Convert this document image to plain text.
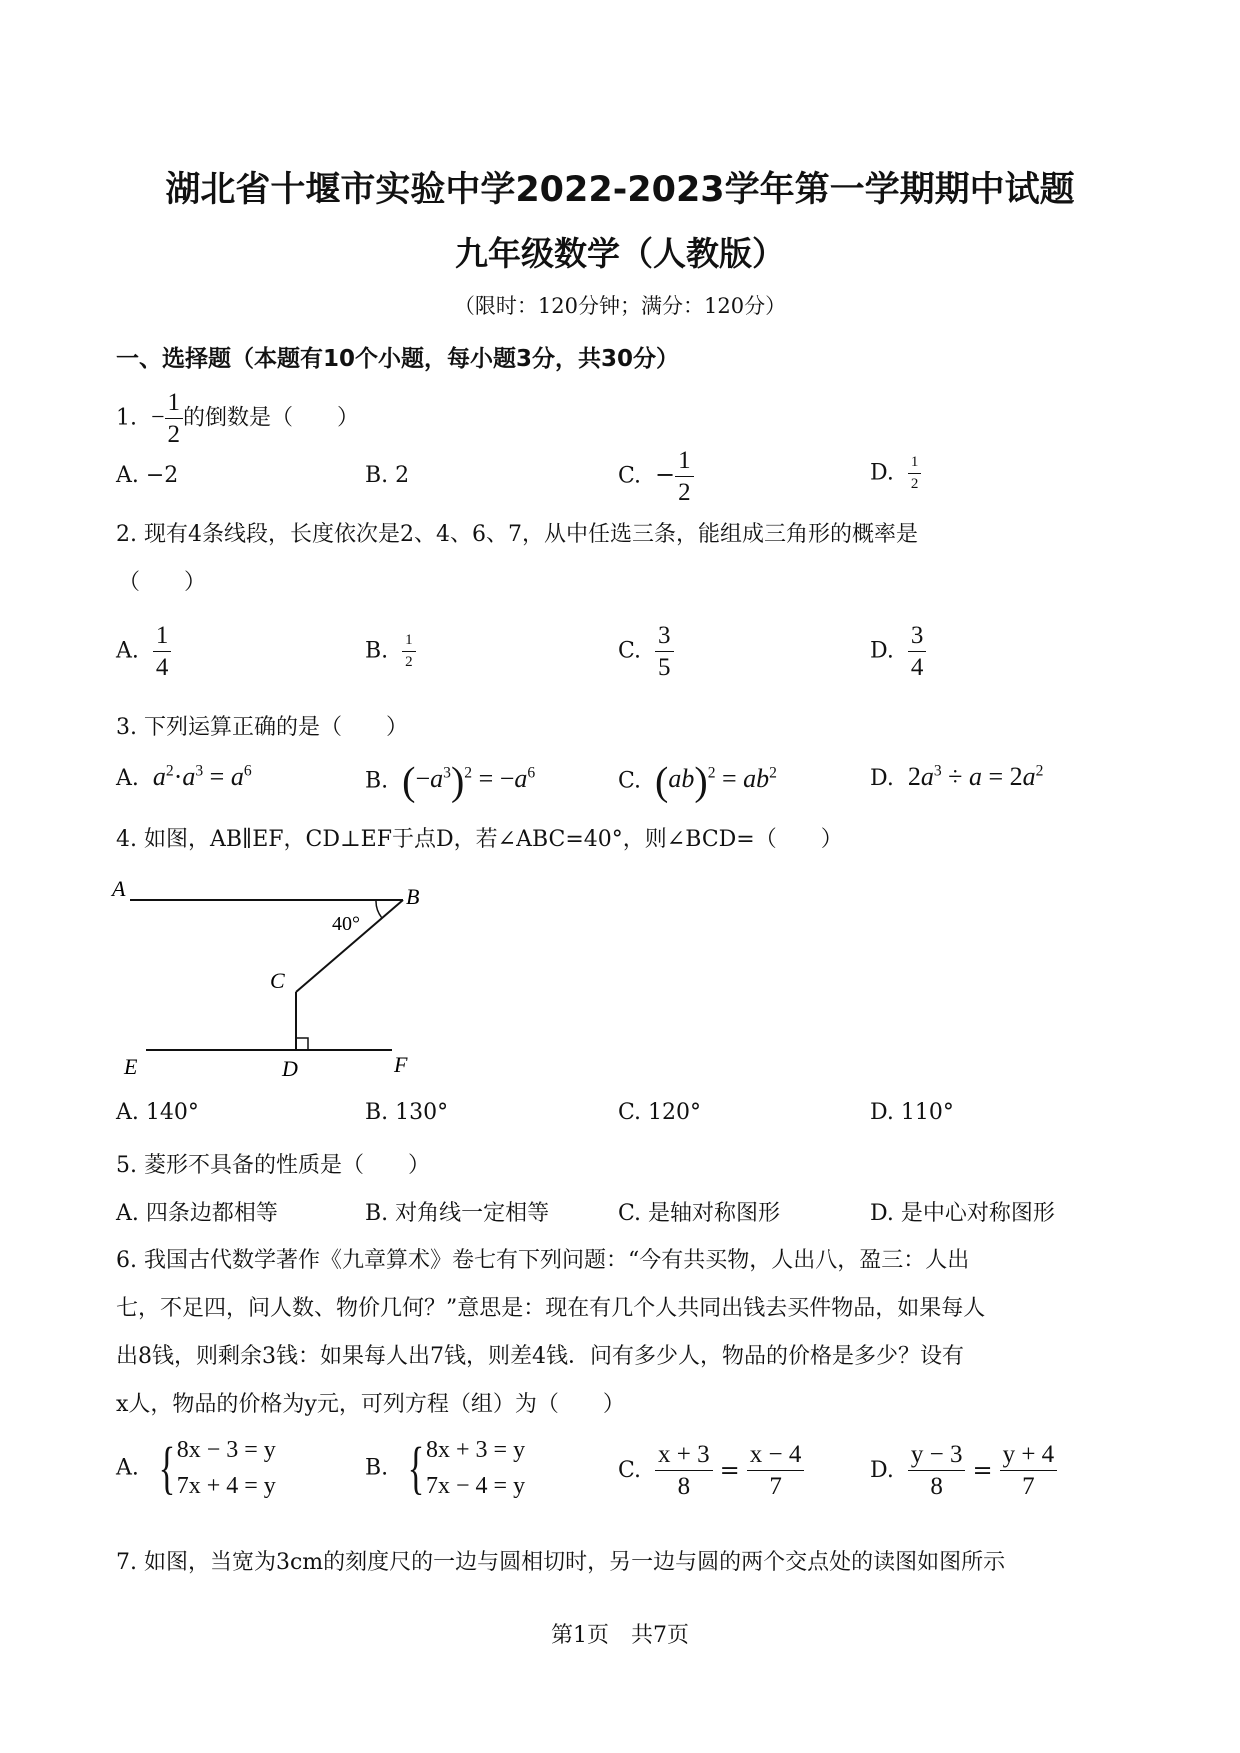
湖北省十堰市实验中学2022-2023学年第一学期期中试题
九年级数学（人教版）
（限时：120分钟；满分：120分）
一、选择题（本题有10个小题，每小题3分，共30分）
1. − $\frac{1}{2}$ 的倒数是（　　）
A. −2	B. 2	C. − $\frac{1}{2}$	D. $\frac{1}{2}$
2. 现有4条线段，长度依次是2、4、6、7，从中任选三条，能组成三角形的概率是
（　　）
A. $\frac{1}{4}$	B. $\frac{1}{2}$	C. $\frac{3}{5}$	D. $\frac{3}{4}$
3. 下列运算正确的是（　　）
A. $a^2\cdot a^3 = a^6$	B. $(-a^3)^2 = -a^6$	C. $(ab)^2 = ab^2$	D. $2a^3 \div a = 2a^2$
4. 如图，AB∥EF，CD⊥EF于点D，若∠ABC=40°，则∠BCD=（　　）
A	B
C
D
E	F
40°
A. 140°	B. 130°	C. 120°	D. 110°
5. 菱形不具备的性质是（　　）
A. 四条边都相等	B. 对角线一定相等	C. 是轴对称图形	D. 是中心对称图形
6. 我国古代数学著作《九章算术》卷七有下列问题：“今有共买物，人出八，盈三：人出
七，不足四，问人数、物价几何？”意思是：现在有几个人共同出钱去买件物品，如果每人
出8钱，则剩余3钱：如果每人出7钱，则差4钱．问有多少人，物品的价格是多少？设有
x人，物品的价格为y元，可列方程（组）为（　　）
A. { 8x − 3 = y
7x + 4 = y
B. { 8x + 3 = y
7x − 4 = y
C. $\frac{x + 3}{8} = \frac{x - 4}{7}$	D. $\frac{y - 3}{8} = \frac{y + 4}{7}$
7. 如图，当宽为3cm的刻度尺的一边与圆相切时，另一边与圆的两个交点处的读图如图所示
第1页　共7页
